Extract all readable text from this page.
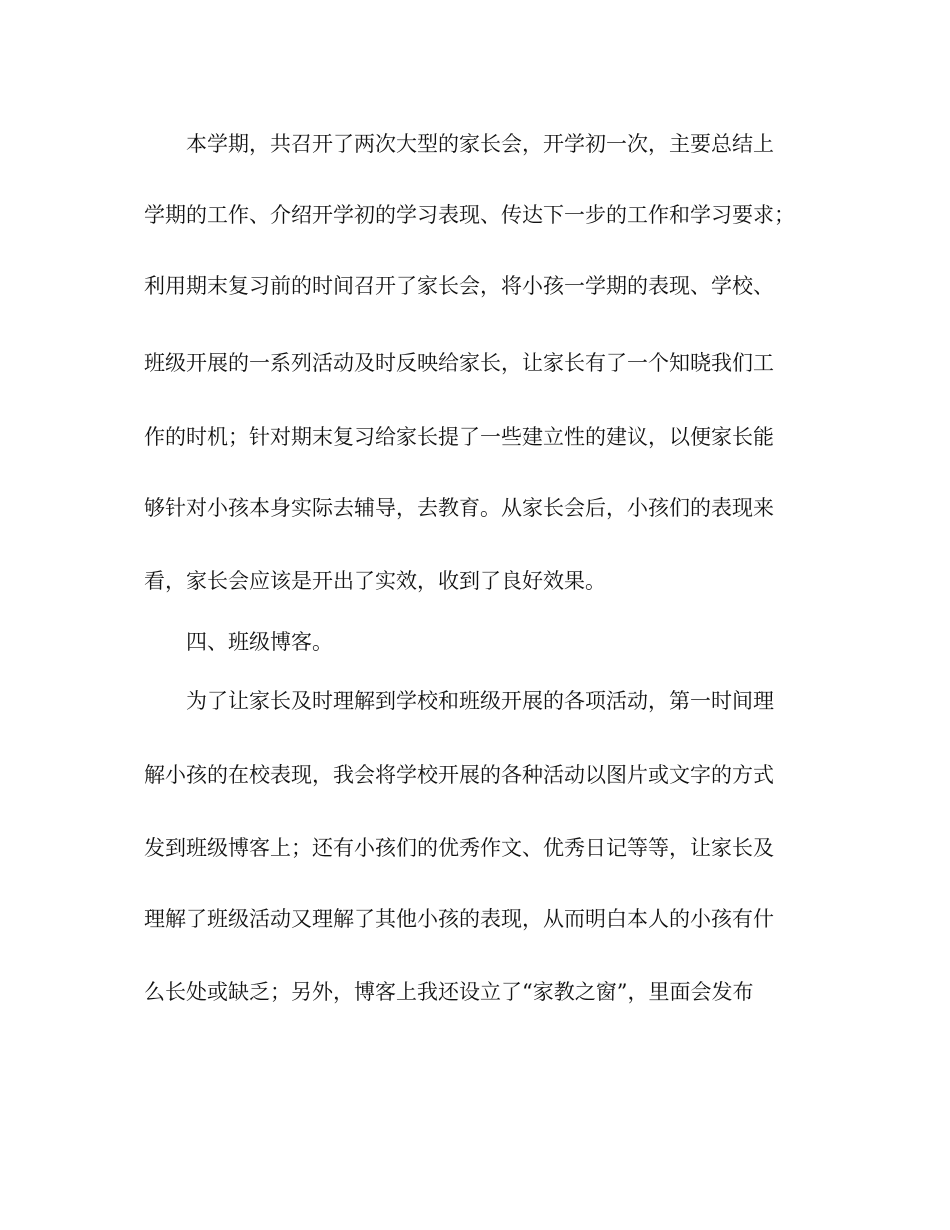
本学期，共召开了两次大型的家长会，开学初一次，主要总结上
学期的工作、介绍开学初的学习表现、传达下一步的工作和学习要求；
利用期末复习前的时间召开了家长会，将小孩一学期的表现、学校、
班级开展的一系列活动及时反映给家长，让家长有了一个知晓我们工
作的时机；针对期末复习给家长提了一些建立性的建议，以便家长能
够针对小孩本身实际去辅导，去教育。从家长会后，小孩们的表现来
看，家长会应该是开出了实效，收到了良好效果。
四、班级博客。
为了让家长及时理解到学校和班级开展的各项活动，第一时间理
解小孩的在校表现，我会将学校开展的各种活动以图片或文字的方式
发到班级博客上；还有小孩们的优秀作文、优秀日记等等，让家长及
理解了班级活动又理解了其他小孩的表现，从而明白本人的小孩有什
么长处或缺乏；另外，博客上我还设立了“家教之窗”，里面会发布
